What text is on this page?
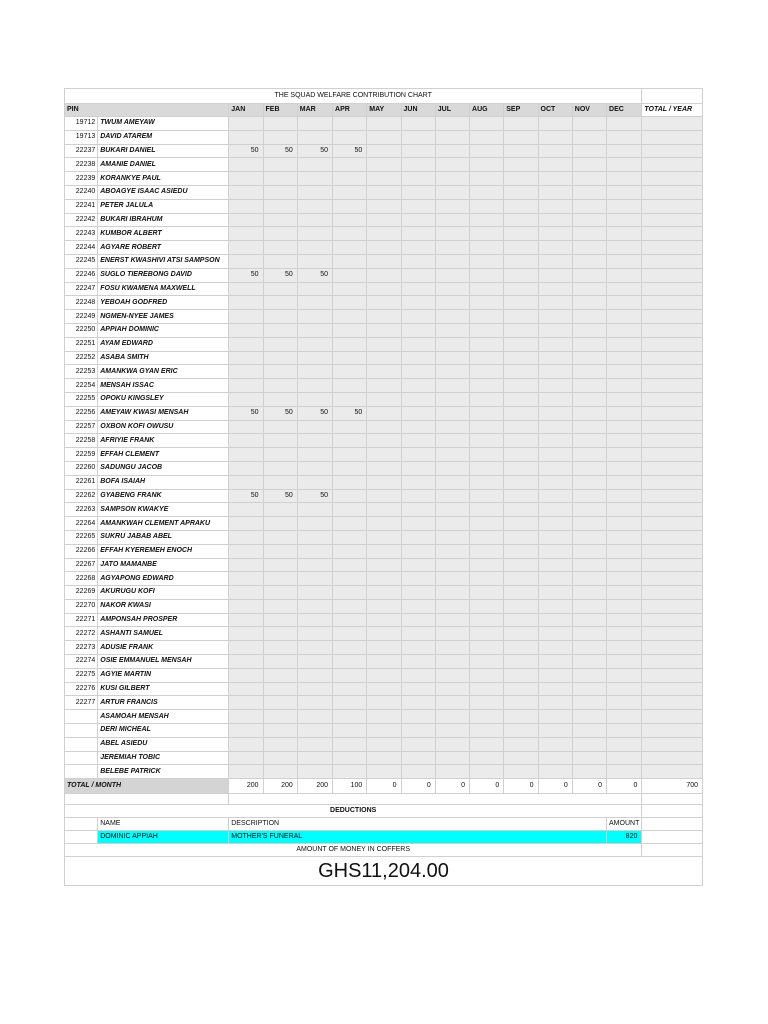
THE SQUAD WELFARE CONTRIBUTION CHART														
PIN		JAN	FEB	MAR	APR	MAY	JUN	JUL	AUG	SEP	OCT	NOV	DEC	TOTAL / YEAR
19712	TWUM AMEYAW													
19713	DAVID ATAREM													
22237	BUKARI DANIEL	50	50	50	50									
22238	AMANIE DANIEL													
22239	KORANKYE PAUL													
22240	ABOAGYE ISAAC ASIEDU													
22241	PETER JALULA													
22242	BUKARI IBRAHUM													
22243	KUMBOR ALBERT													
22244	AGYARE ROBERT													
22245	ENERST KWASHIVI ATSI SAMPSON													
22246	SUGLO TIEREBONG DAVID	50	50	50										
22247	FOSU KWAMENA MAXWELL													
22248	YEBOAH GODFRED													
22249	NGMEN-NYEE JAMES													
22250	APPIAH DOMINIC													
22251	AYAM EDWARD													
22252	ASABA SMITH													
22253	AMANKWA GYAN ERIC													
22254	MENSAH ISSAC													
22255	OPOKU KINGSLEY													
22256	AMEYAW KWASI MENSAH	50	50	50	50									
22257	OXBON KOFI OWUSU													
22258	AFRIYIE FRANK													
22259	EFFAH CLEMENT													
22260	SADUNGU JACOB													
22261	BOFA ISAIAH													
22262	GYABENG FRANK	50	50	50										
22263	SAMPSON KWAKYE													
22264	AMANKWAH CLEMENT APRAKU													
22265	SUKRU JABAB ABEL													
22266	EFFAH KYEREMEH ENOCH													
22267	JATO MAMANBE													
22268	AGYAPONG EDWARD													
22269	AKURUGU KOFI													
22270	NAKOR KWASI													
22271	AMPONSAH PROSPER													
22272	ASHANTI SAMUEL													
22273	ADUSIE FRANK													
22274	OSIE EMMANUEL MENSAH													
22275	AGYIE MARTIN													
22276	KUSI GILBERT													
22277	ARTUR FRANCIS													
	ASAMOAH MENSAH													
	DERI MICHEAL													
	ABEL ASIEDU													
	JEREMIAH TOBIC													
	BELEBE PATRICK													
TOTAL / MONTH		200	200	200	100	0	0	0	0	0	0	0	0	700

DEDUCTIONS														
	NAME	DESCRIPTION											AMOUNT	
	DOMINIC APPIAH	MOTHER'S FUNERAL											820	
AMOUNT OF MONEY IN COFFERS														
GHS11,204.00														
